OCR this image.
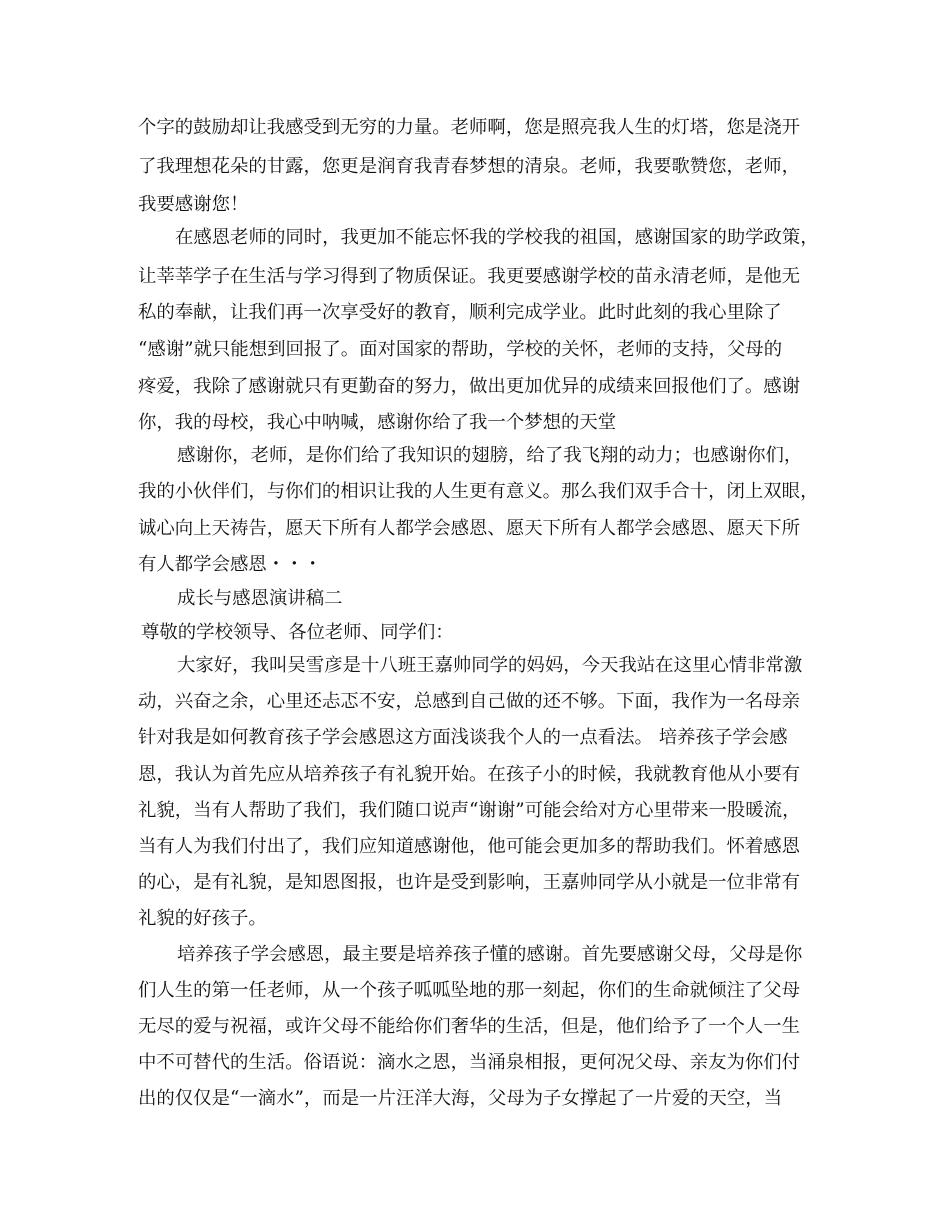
个字的鼓励却让我感受到无穷的力量。老师啊，您是照亮我人生的灯塔，您是浇开
了我理想花朵的甘露，您更是润育我青春梦想的清泉。老师，我要歌赞您，老师，
我要感谢您！
在感恩老师的同时，我更加不能忘怀我的学校我的祖国，感谢国家的助学政策，
让莘莘学子在生活与学习得到了物质保证。我更要感谢学校的苗永清老师，是他无
私的奉献，让我们再一次享受好的教育，顺利完成学业。此时此刻的我心里除了
“感谢”就只能想到回报了。面对国家的帮助，学校的关怀，老师的支持，父母的
疼爱，我除了感谢就只有更勤奋的努力，做出更加优异的成绩来回报他们了。感谢
你，我的母校，我心中呐喊，感谢你给了我一个梦想的天堂
感谢你，老师，是你们给了我知识的翅膀，给了我飞翔的动力；也感谢你们，
我的小伙伴们，与你们的相识让我的人生更有意义。那么我们双手合十，闭上双眼，
诚心向上天祷告，愿天下所有人都学会感恩、愿天下所有人都学会感恩、愿天下所
有人都学会感恩・・・
成长与感恩演讲稿二
尊敬的学校领导、各位老师、同学们：
大家好，我叫吴雪彦是十八班王嘉帅同学的妈妈，今天我站在这里心情非常激
动，兴奋之余，心里还忐忑不安，总感到自己做的还不够。下面，我作为一名母亲
针对我是如何教育孩子学会感恩这方面浅谈我个人的一点看法。 培养孩子学会感
恩，我认为首先应从培养孩子有礼貌开始。在孩子小的时候，我就教育他从小要有
礼貌，当有人帮助了我们，我们随口说声“谢谢”可能会给对方心里带来一股暖流，
当有人为我们付出了，我们应知道感谢他，他可能会更加多的帮助我们。怀着感恩
的心，是有礼貌，是知恩图报，也许是受到影响，王嘉帅同学从小就是一位非常有
礼貌的好孩子。
培养孩子学会感恩，最主要是培养孩子懂的感谢。首先要感谢父母，父母是你
们人生的第一任老师，从一个孩子呱呱坠地的那一刻起，你们的生命就倾注了父母
无尽的爱与祝福，或许父母不能给你们奢华的生活，但是，他们给予了一个人一生
中不可替代的生活。俗语说：滴水之恩，当涌泉相报，更何况父母、亲友为你们付
出的仅仅是“一滴水”，而是一片汪洋大海，父母为子女撑起了一片爱的天空，当
